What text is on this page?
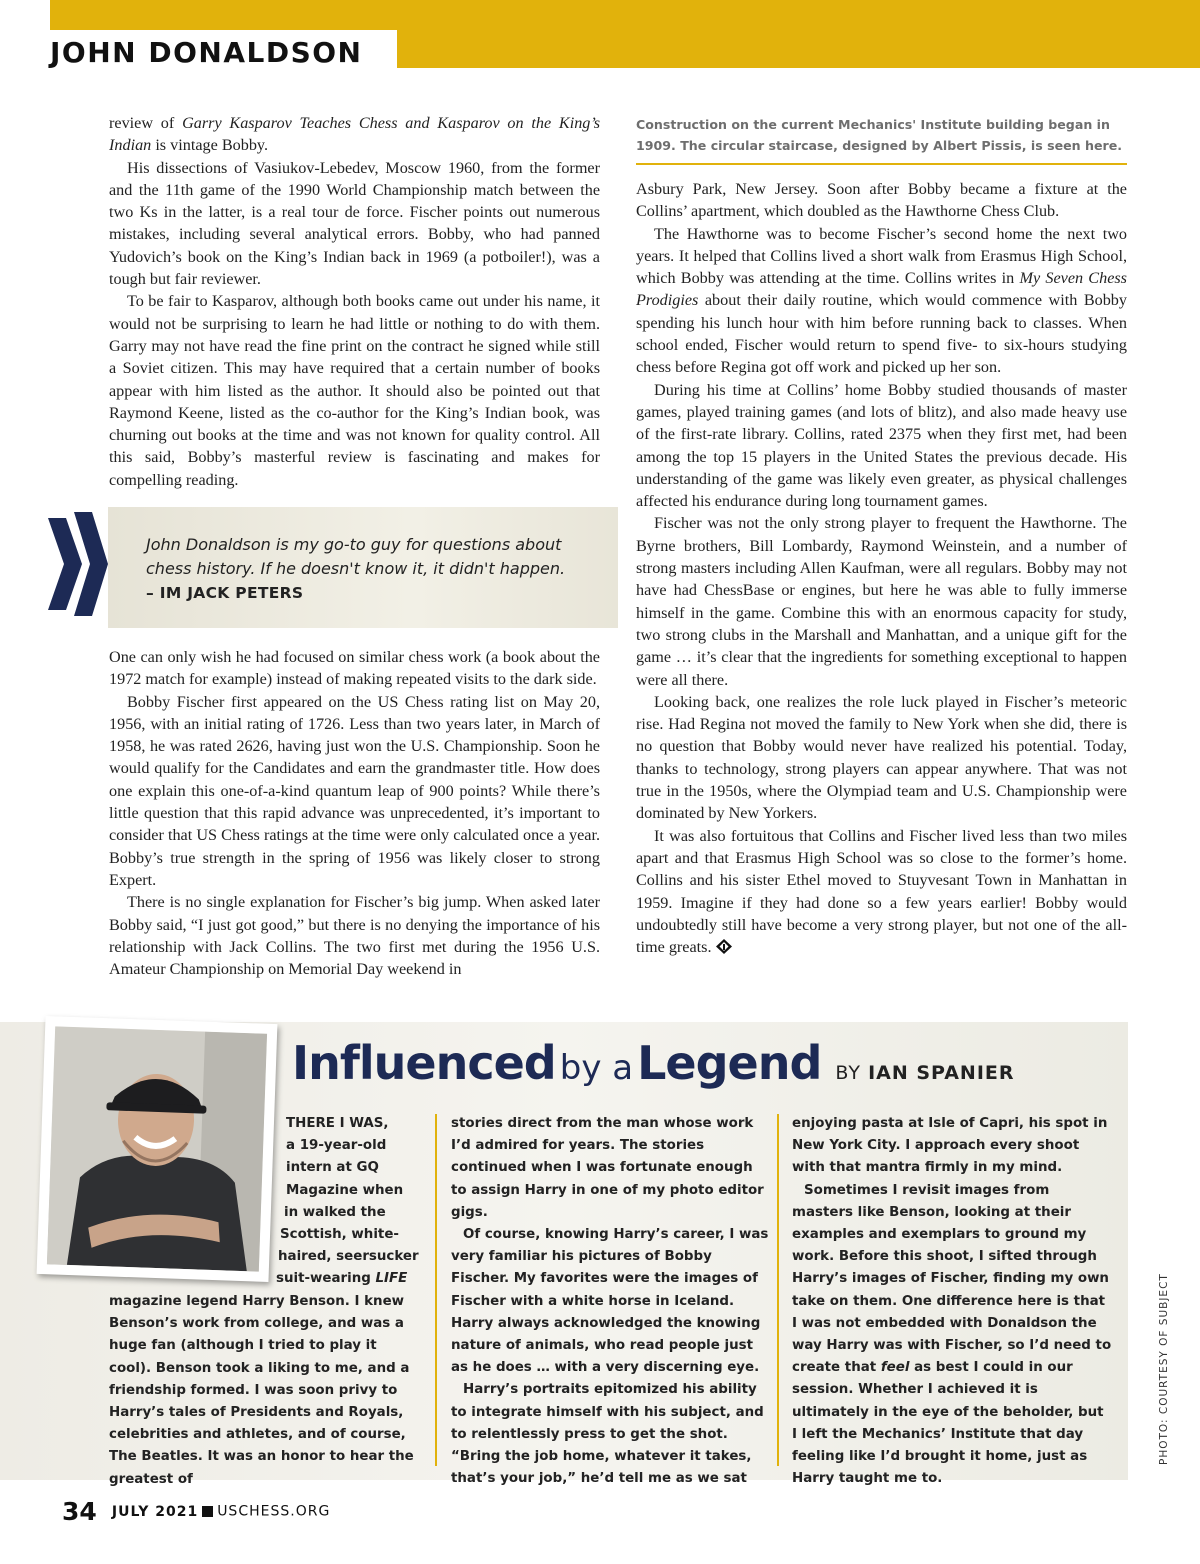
JOHN DONALDSON

review of Garry Kasparov Teaches Chess and Kasparov on the King’s Indian is vintage Bobby.

His dissections of Vasiukov-Lebedev, Moscow 1960, from the former and the 11th game of the 1990 World Championship match between the two Ks in the latter, is a real tour de force. Fischer points out numerous mistakes, including several analytical errors. Bobby, who had panned Yudovich’s book on the King’s Indian back in 1969 (a potboiler!), was a tough but fair reviewer.

To be fair to Kasparov, although both books came out under his name, it would not be surprising to learn he had little or nothing to do with them. Garry may not have read the fine print on the contract he signed while still a Soviet citizen. This may have required that a certain number of books appear with him listed as the author. It should also be pointed out that Raymond Keene, listed as the co-author for the King’s Indian book, was churning out books at the time and was not known for quality control. All this said, Bobby’s masterful review is fascinating and makes for compelling reading.

John Donaldson is my go-to guy for questions about chess history. If he doesn't know it, it didn't happen.
– IM JACK PETERS

One can only wish he had focused on similar chess work (a book about the 1972 match for example) instead of making repeated visits to the dark side.

Bobby Fischer first appeared on the US Chess rating list on May 20, 1956, with an initial rating of 1726. Less than two years later, in March of 1958, he was rated 2626, having just won the U.S. Championship. Soon he would qualify for the Candidates and earn the grandmaster title. How does one explain this one-of-a-kind quantum leap of 900 points? While there’s little question that this rapid advance was unprecedented, it’s important to consider that US Chess ratings at the time were only calculated once a year. Bobby’s true strength in the spring of 1956 was likely closer to strong Expert.

There is no single explanation for Fischer’s big jump. When asked later Bobby said, “I just got good,” but there is no denying the importance of his relationship with Jack Collins. The two first met during the 1956 U.S. Amateur Championship on Memorial Day weekend in

Construction on the current Mechanics' Institute building began in 1909. The circular staircase, designed by Albert Pissis, is seen here.

Asbury Park, New Jersey. Soon after Bobby became a fixture at the Collins’ apartment, which doubled as the Hawthorne Chess Club.

The Hawthorne was to become Fischer’s second home the next two years. It helped that Collins lived a short walk from Erasmus High School, which Bobby was attending at the time. Collins writes in My Seven Chess Prodigies about their daily routine, which would commence with Bobby spending his lunch hour with him before running back to classes. When school ended, Fischer would return to spend five- to six-hours studying chess before Regina got off work and picked up her son.

During his time at Collins’ home Bobby studied thousands of master games, played training games (and lots of blitz), and also made heavy use of the first-rate library. Collins, rated 2375 when they first met, had been among the top 15 players in the United States the previous decade. His understanding of the game was likely even greater, as physical challenges affected his endurance during long tournament games.

Fischer was not the only strong player to frequent the Hawthorne. The Byrne brothers, Bill Lombardy, Raymond Weinstein, and a number of strong masters including Allen Kaufman, were all regulars. Bobby may not have had ChessBase or engines, but here he was able to fully immerse himself in the game. Combine this with an enormous capacity for study, two strong clubs in the Marshall and Manhattan, and a unique gift for the game … it’s clear that the ingredients for something exceptional to happen were all there.

Looking back, one realizes the role luck played in Fischer’s meteoric rise. Had Regina not moved the family to New York when she did, there is no question that Bobby would never have realized his potential. Today, thanks to technology, strong players can appear anywhere. That was not true in the 1950s, where the Olympiad team and U.S. Championship were dominated by New Yorkers.

It was also fortuitous that Collins and Fischer lived less than two miles apart and that Erasmus High School was so close to the former’s home. Collins and his sister Ethel moved to Stuyvesant Town in Manhattan in 1959. Imagine if they had done so a few years earlier! Bobby would undoubtedly still have become a very strong player, but not one of the all-time greats.

Influenced by a Legend BY IAN SPANIER
THERE I WAS,
a 19-year-old
intern at GQ
Magazine when
in walked the
Scottish, white-
haired, seersucker
suit-wearing LIFE

magazine legend Harry Benson. I knew Benson’s work from college, and was a huge fan (although I tried to play it cool). Benson took a liking to me, and a friendship formed. I was soon privy to Harry’s tales of Presidents and Royals, celebrities and athletes, and of course, The Beatles. It was an honor to hear the greatest of

stories direct from the man whose work I’d admired for years. The stories continued when I was fortunate enough to assign Harry in one of my photo editor gigs.

Of course, knowing Harry’s career, I was very familiar his pictures of Bobby Fischer. My favorites were the images of Fischer with a white horse in Iceland. Harry always acknowledged the knowing nature of animals, who read people just as he does … with a very discerning eye.

Harry’s portraits epitomized his ability to integrate himself with his subject, and to relentlessly press to get the shot. “Bring the job home, whatever it takes, that’s your job,” he’d tell me as we sat

enjoying pasta at Isle of Capri, his spot in New York City. I approach every shoot with that mantra firmly in my mind.

Sometimes I revisit images from masters like Benson, looking at their examples and exemplars to ground my work. Before this shoot, I sifted through Harry’s images of Fischer, finding my own take on them. One difference here is that I was not embedded with Donaldson the way Harry was with Fischer, so I’d need to create that feel as best I could in our session. Whether I achieved it is ultimately in the eye of the beholder, but I left the Mechanics’ Institute that day feeling like I’d brought it home, just as Harry taught me to.

PHOTO: COURTESY OF SUBJECT
34 JULY 2021 USCHESS.ORG
